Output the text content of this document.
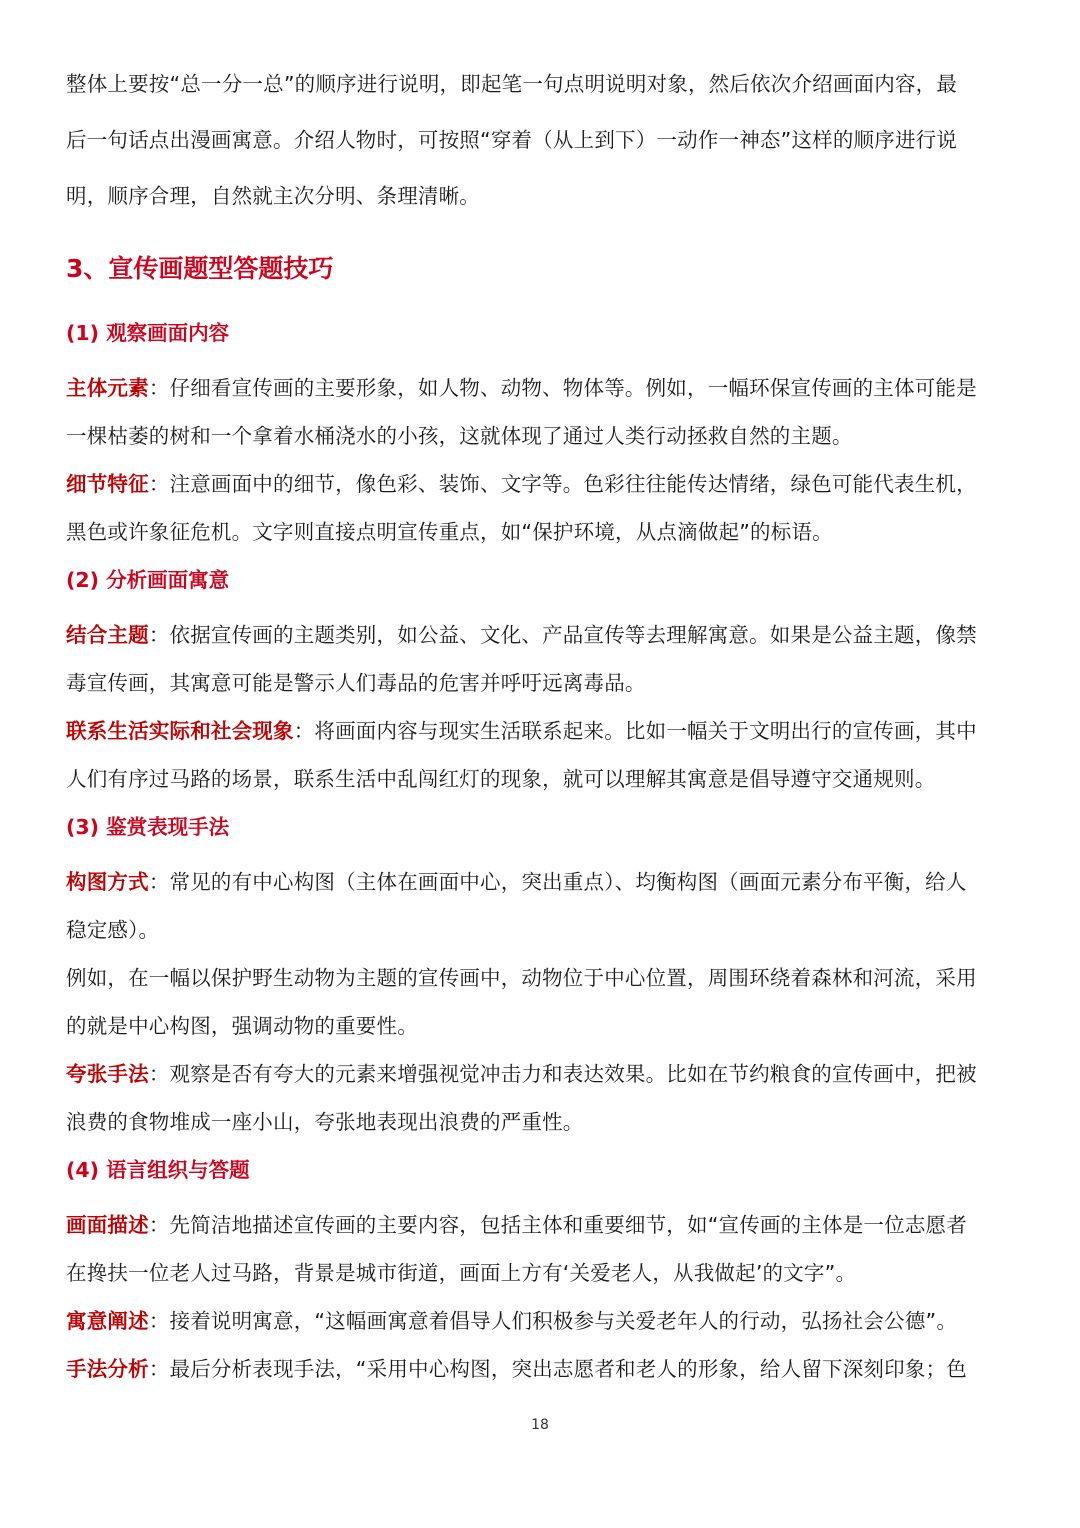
整体上要按“总一分一总”的顺序进行说明，即起笔一句点明说明对象，然后依次介绍画面内容，最
后一句话点出漫画寓意。介绍人物时，可按照“穿着（从上到下）一动作一神态”这样的顺序进行说
明，顺序合理，自然就主次分明、条理清晰。
3、宣传画题型答题技巧
(1) 观察画面内容
主体元素：仔细看宣传画的主要形象，如人物、动物、物体等。例如，一幅环保宣传画的主体可能是
一棵枯萎的树和一个拿着水桶浇水的小孩，这就体现了通过人类行动拯救自然的主题。
细节特征：注意画面中的细节，像色彩、装饰、文字等。色彩往往能传达情绪，绿色可能代表生机，
黑色或许象征危机。文字则直接点明宣传重点，如“保护环境，从点滴做起”的标语。
(2) 分析画面寓意
结合主题：依据宣传画的主题类别，如公益、文化、产品宣传等去理解寓意。如果是公益主题，像禁
毒宣传画，其寓意可能是警示人们毒品的危害并呼吁远离毒品。
联系生活实际和社会现象：将画面内容与现实生活联系起来。比如一幅关于文明出行的宣传画，其中
人们有序过马路的场景，联系生活中乱闯红灯的现象，就可以理解其寓意是倡导遵守交通规则。
(3) 鉴赏表现手法
构图方式：常见的有中心构图（主体在画面中心，突出重点）、均衡构图（画面元素分布平衡，给人
稳定感）。
例如，在一幅以保护野生动物为主题的宣传画中，动物位于中心位置，周围环绕着森林和河流，采用
的就是中心构图，强调动物的重要性。
夸张手法：观察是否有夸大的元素来增强视觉冲击力和表达效果。比如在节约粮食的宣传画中，把被
浪费的食物堆成一座小山，夸张地表现出浪费的严重性。
(4) 语言组织与答题
画面描述：先简洁地描述宣传画的主要内容，包括主体和重要细节，如“宣传画的主体是一位志愿者
在搀扶一位老人过马路，背景是城市街道，画面上方有‘关爱老人，从我做起’的文字”。
寓意阐述：接着说明寓意，“这幅画寓意着倡导人们积极参与关爱老年人的行动，弘扬社会公德”。
手法分析：最后分析表现手法，“采用中心构图，突出志愿者和老人的形象，给人留下深刻印象；色
18
